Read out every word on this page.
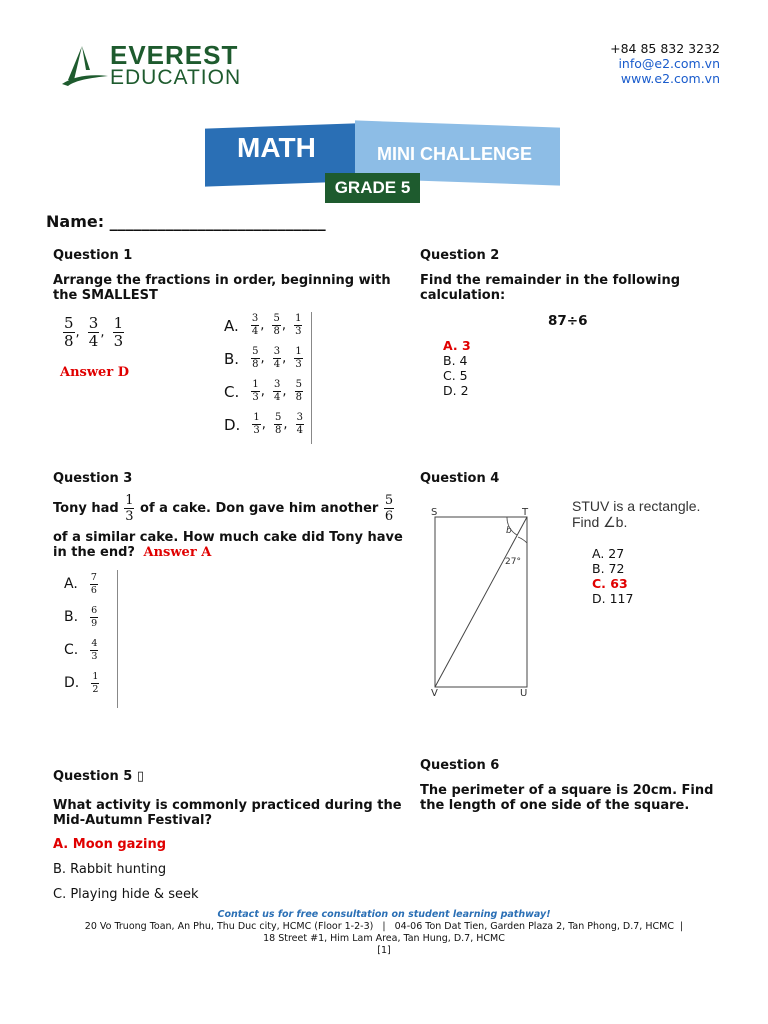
EVEREST
EDUCATION
+84 85 832 3232
info@e2.com.vn
www.e2.com.vn
MATH	MINI CHALLENGE
GRADE 5
Name: ___________________________
Question 1
Arrange the fractions in order, beginning with the SMALLEST
$\frac{5}{8}$ , $\frac{3}{4}$ , $\frac{1}{3}$
Answer D
A. $\frac{3}{4}$ , $\frac{5}{8}$ , $\frac{1}{3}$
B. $\frac{5}{8}$ , $\frac{3}{4}$ , $\frac{1}{3}$
C. $\frac{1}{3}$ , $\frac{3}{4}$ , $\frac{5}{8}$
D. $\frac{1}{3}$ , $\frac{5}{8}$ , $\frac{3}{4}$
Question 2
Find the remainder in the following calculation:
87÷6
A. 3
B. 4
C. 5
D. 2
Question 3
Tony had $\frac{1}{3}$ of a cake. Don gave him another $\frac{5}{6}$
of a similar cake. How much cake did Tony have in the end? Answer A
A. $\frac{7}{6}$
B. $\frac{6}{9}$
C. $\frac{4}{3}$
D. $\frac{1}{2}$
Question 4
S	T
V	U
b
27°
STUV is a rectangle.
Find ∠b.
A. 27
B. 72
C. 63
D. 117
Question 5 ▯
What activity is commonly practiced during the Mid-Autumn Festival?
A. Moon gazing
B. Rabbit hunting
C. Playing hide & seek
Question 6
The perimeter of a square is 20cm. Find the length of one side of the square.
Contact us for free consultation on student learning pathway!
20 Vo Truong Toan, An Phu, Thu Duc city, HCMC (Floor 1-2-3)   |   04-06 Ton Dat Tien, Garden Plaza 2, Tan Phong, D.7, HCMC  |
18 Street #1, Him Lam Area, Tan Hung, D.7, HCMC
[1]
